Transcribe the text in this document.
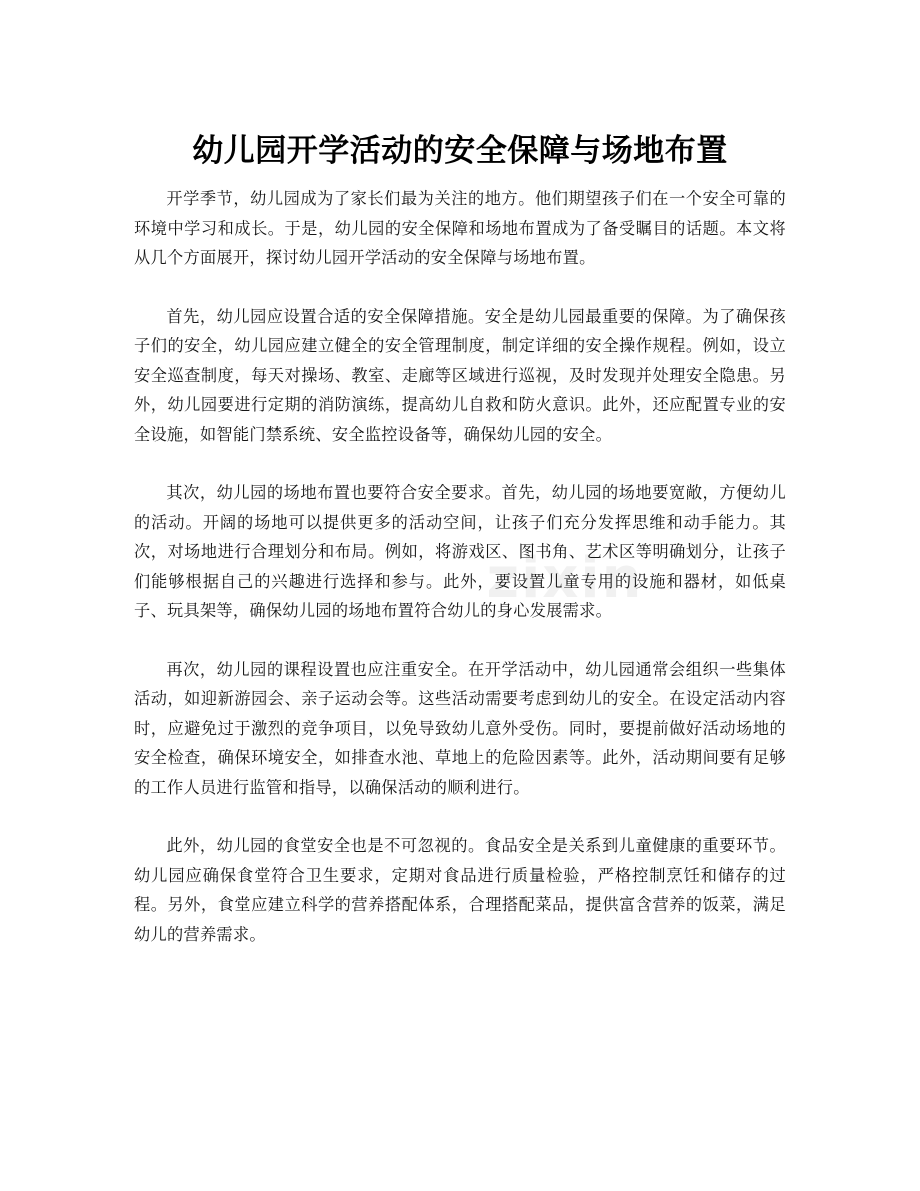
幼儿园开学活动的安全保障与场地布置
zixin

开学季节，幼儿园成为了家长们最为关注的地方。他们期望孩子们在一个安全可靠的环境中学习和成长。于是，幼儿园的安全保障和场地布置成为了备受瞩目的话题。本文将从几个方面展开，探讨幼儿园开学活动的安全保障与场地布置。

首先，幼儿园应设置合适的安全保障措施。安全是幼儿园最重要的保障。为了确保孩子们的安全，幼儿园应建立健全的安全管理制度，制定详细的安全操作规程。例如，设立安全巡查制度，每天对操场、教室、走廊等区域进行巡视，及时发现并处理安全隐患。另外，幼儿园要进行定期的消防演练，提高幼儿自救和防火意识。此外，还应配置专业的安全设施，如智能门禁系统、安全监控设备等，确保幼儿园的安全。

其次，幼儿园的场地布置也要符合安全要求。首先，幼儿园的场地要宽敞，方便幼儿的活动。开阔的场地可以提供更多的活动空间，让孩子们充分发挥思维和动手能力。其次，对场地进行合理划分和布局。例如，将游戏区、图书角、艺术区等明确划分，让孩子们能够根据自己的兴趣进行选择和参与。此外，要设置儿童专用的设施和器材，如低桌子、玩具架等，确保幼儿园的场地布置符合幼儿的身心发展需求。

再次，幼儿园的课程设置也应注重安全。在开学活动中，幼儿园通常会组织一些集体活动，如迎新游园会、亲子运动会等。这些活动需要考虑到幼儿的安全。在设定活动内容时，应避免过于激烈的竞争项目，以免导致幼儿意外受伤。同时，要提前做好活动场地的安全检查，确保环境安全，如排查水池、草地上的危险因素等。此外，活动期间要有足够的工作人员进行监管和指导，以确保活动的顺利进行。

此外，幼儿园的食堂安全也是不可忽视的。食品安全是关系到儿童健康的重要环节。幼儿园应确保食堂符合卫生要求，定期对食品进行质量检验，严格控制烹饪和储存的过程。另外，食堂应建立科学的营养搭配体系，合理搭配菜品，提供富含营养的饭菜，满足幼儿的营养需求。
